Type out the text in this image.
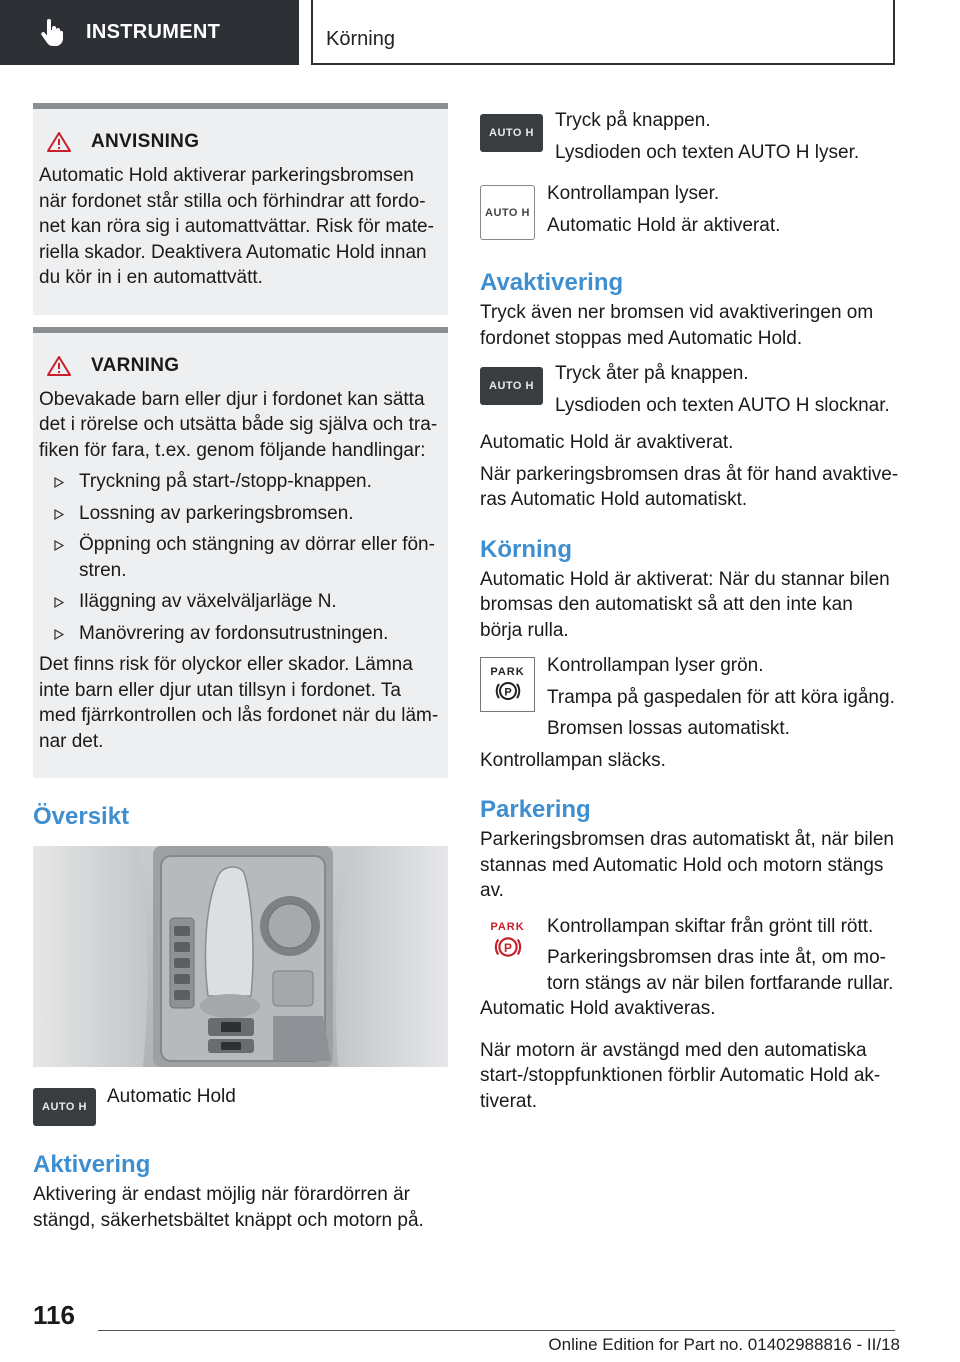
INSTRUMENT	Körning
ANVISNING

Automatic Hold aktiverar parkeringsbromsen när fordonet står stilla och förhindrar att fordonet kan röra sig i automattvättar. Risk för materiella skador. Deaktivera Automatic Hold innan du kör in i en automattvätt.

VARNING

Obevakade barn eller djur i fordonet kan sätta det i rörelse och utsätta både sig själva och trafiken för fara, t.ex. genom följande handlingar:

Tryckning på start-/stopp-knappen.
Lossning av parkeringsbromsen.
Öppning och stängning av dörrar eller fönstren.
Iläggning av växelväljarläge N.
Manövrering av fordonsutrustningen.

Det finns risk för olyckor eller skador. Lämna inte barn eller djur utan tillsyn i fordonet. Ta med fjärrkontrollen och lås fordonet när du lämnar det.

Översikt
AUTO H Automatic Hold

Aktivering

Aktivering är endast möjlig när förardörren är stängd, säkerhetsbältet knäppt och motorn på.

AUTO H

Tryck på knappen.

Lysdioden och texten AUTO H lyser.

AUTO H

Kontrollampan lyser.

Automatic Hold är aktiverat.

Avaktivering

Tryck även ner bromsen vid avaktiveringen om fordonet stoppas med Automatic Hold.

AUTO H

Tryck åter på knappen.

Lysdioden och texten AUTO H slocknar.

Automatic Hold är avaktiverat.

När parkeringsbromsen dras åt för hand avaktiveras Automatic Hold automatiskt.

Körning

Automatic Hold är aktiverat: När du stannar bilen bromsas den automatiskt så att den inte kan börja rulla.

PARK
P

Kontrollampan lyser grön.

Trampa på gaspedalen för att köra igång.

Bromsen lossas automatiskt.

Kontrollampan släcks.

Parkering

Parkeringsbromsen dras automatiskt åt, när bilen stannas med Automatic Hold och motorn stängs av.

PARK
P

Kontrollampan skiftar från grönt till rött.

Parkeringsbromsen dras inte åt, om motorn stängs av när bilen fortfarande rullar.

Automatic Hold avaktiveras.

När motorn är avstängd med den automatiska start-/stoppfunktionen förblir Automatic Hold aktiverat.

116
Online Edition for Part no. 01402988816 - II/18
